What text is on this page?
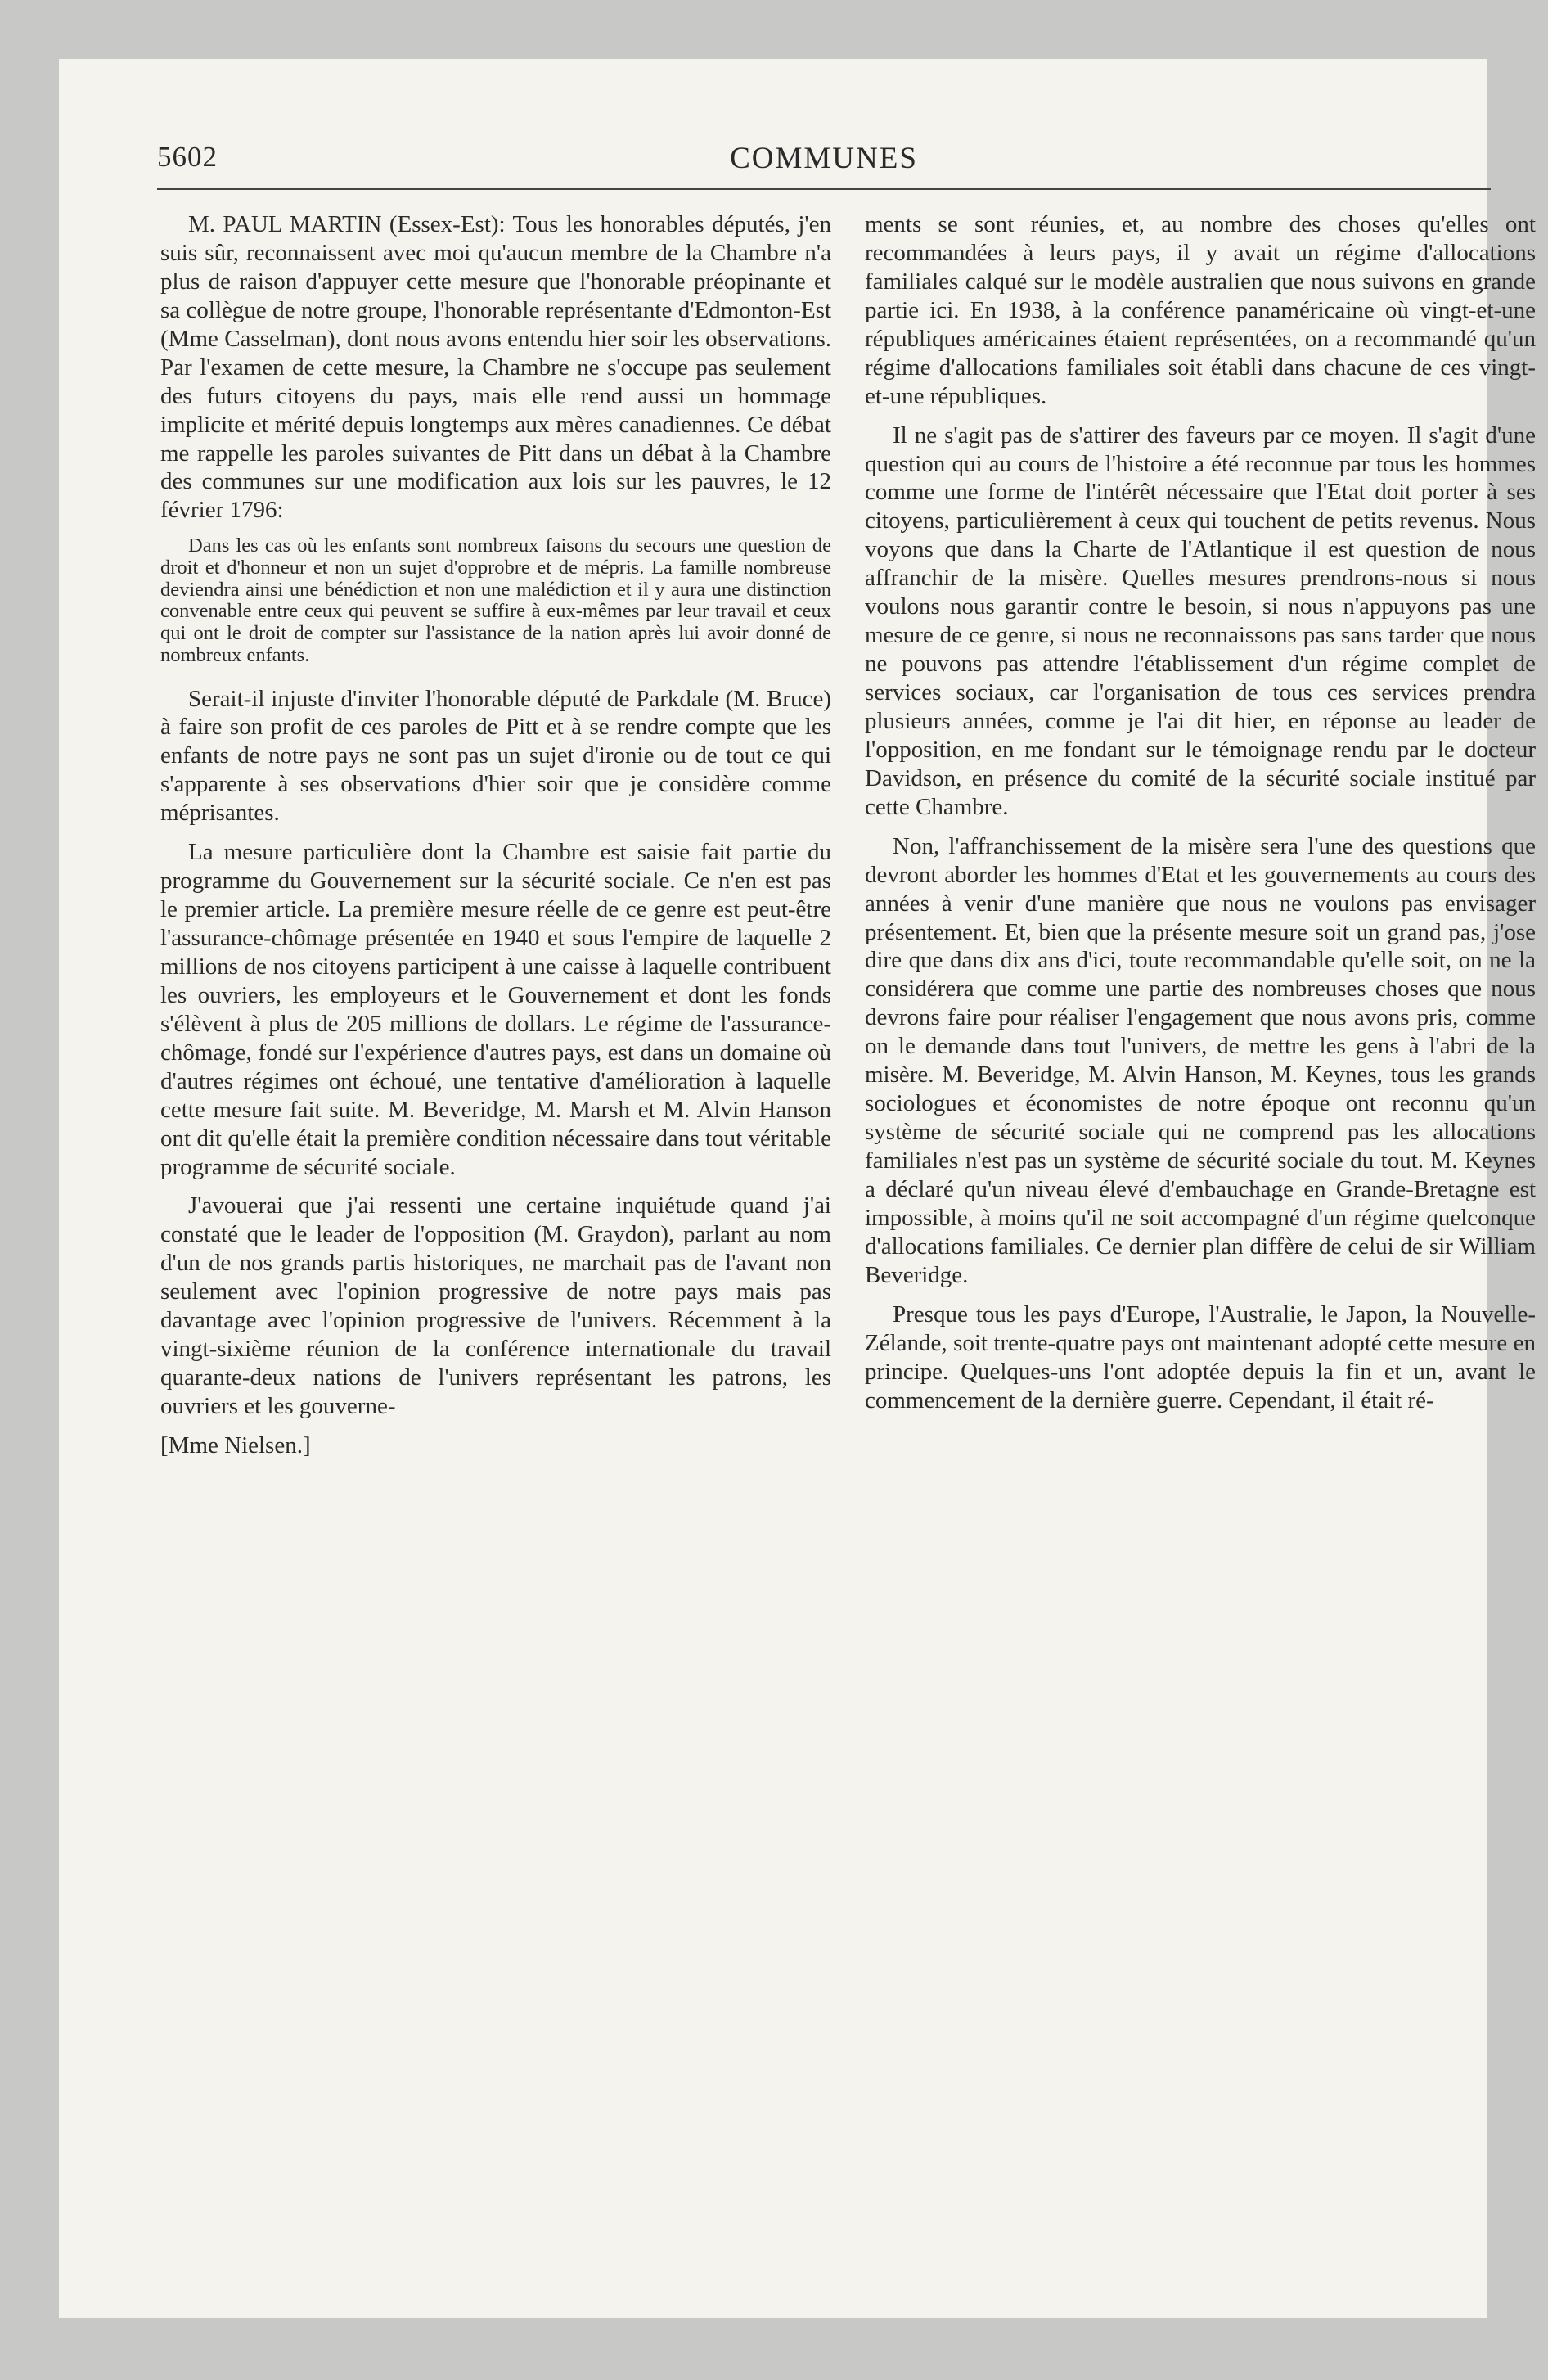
5602	COMMUNES

M. PAUL MARTIN (Essex-Est): Tous les honorables députés, j'en suis sûr, reconnaissent avec moi qu'aucun membre de la Chambre n'a plus de raison d'appuyer cette mesure que l'honorable préopinante et sa collègue de notre groupe, l'honorable représentante d'Edmonton-Est (Mme Casselman), dont nous avons entendu hier soir les observations. Par l'examen de cette mesure, la Chambre ne s'occupe pas seulement des futurs citoyens du pays, mais elle rend aussi un hommage implicite et mérité depuis longtemps aux mères canadiennes. Ce débat me rappelle les paroles suivantes de Pitt dans un débat à la Chambre des communes sur une modification aux lois sur les pauvres, le 12 février 1796:

Dans les cas où les enfants sont nombreux faisons du secours une question de droit et d'honneur et non un sujet d'opprobre et de mépris. La famille nombreuse deviendra ainsi une bénédiction et non une malédiction et il y aura une distinction convenable entre ceux qui peuvent se suffire à eux-mêmes par leur travail et ceux qui ont le droit de compter sur l'assistance de la nation après lui avoir donné de nombreux enfants.

Serait-il injuste d'inviter l'honorable député de Parkdale (M. Bruce) à faire son profit de ces paroles de Pitt et à se rendre compte que les enfants de notre pays ne sont pas un sujet d'ironie ou de tout ce qui s'apparente à ses observations d'hier soir que je considère comme méprisantes.

La mesure particulière dont la Chambre est saisie fait partie du programme du Gouvernement sur la sécurité sociale. Ce n'en est pas le premier article. La première mesure réelle de ce genre est peut-être l'assurance-chômage présentée en 1940 et sous l'empire de laquelle 2 millions de nos citoyens participent à une caisse à laquelle contribuent les ouvriers, les employeurs et le Gouvernement et dont les fonds s'élèvent à plus de 205 millions de dollars. Le régime de l'assurance-chômage, fondé sur l'expérience d'autres pays, est dans un domaine où d'autres régimes ont échoué, une tentative d'amélioration à laquelle cette mesure fait suite. M. Beveridge, M. Marsh et M. Alvin Hanson ont dit qu'elle était la première condition nécessaire dans tout véritable programme de sécurité sociale.

J'avouerai que j'ai ressenti une certaine inquiétude quand j'ai constaté que le leader de l'opposition (M. Graydon), parlant au nom d'un de nos grands partis historiques, ne marchait pas de l'avant non seulement avec l'opinion progressive de notre pays mais pas davantage avec l'opinion progressive de l'univers. Récemment à la vingt-sixième réunion de la conférence internationale du travail quarante-deux nations de l'univers représentant les patrons, les ouvriers et les gouverne-

[Mme Nielsen.]

ments se sont réunies, et, au nombre des choses qu'elles ont recommandées à leurs pays, il y avait un régime d'allocations familiales calqué sur le modèle australien que nous suivons en grande partie ici. En 1938, à la conférence panaméricaine où vingt-et-une républiques américaines étaient représentées, on a recommandé qu'un régime d'allocations familiales soit établi dans chacune de ces vingt-et-une républiques.

Il ne s'agit pas de s'attirer des faveurs par ce moyen. Il s'agit d'une question qui au cours de l'histoire a été reconnue par tous les hommes comme une forme de l'intérêt nécessaire que l'Etat doit porter à ses citoyens, particulièrement à ceux qui touchent de petits revenus. Nous voyons que dans la Charte de l'Atlantique il est question de nous affranchir de la misère. Quelles mesures prendrons-nous si nous voulons nous garantir contre le besoin, si nous n'appuyons pas une mesure de ce genre, si nous ne reconnaissons pas sans tarder que nous ne pouvons pas attendre l'établissement d'un régime complet de services sociaux, car l'organisation de tous ces services prendra plusieurs années, comme je l'ai dit hier, en réponse au leader de l'opposition, en me fondant sur le témoignage rendu par le docteur Davidson, en présence du comité de la sécurité sociale institué par cette Chambre.

Non, l'affranchissement de la misère sera l'une des questions que devront aborder les hommes d'Etat et les gouvernements au cours des années à venir d'une manière que nous ne voulons pas envisager présentement. Et, bien que la présente mesure soit un grand pas, j'ose dire que dans dix ans d'ici, toute recommandable qu'elle soit, on ne la considérera que comme une partie des nombreuses choses que nous devrons faire pour réaliser l'engagement que nous avons pris, comme on le demande dans tout l'univers, de mettre les gens à l'abri de la misère. M. Beveridge, M. Alvin Hanson, M. Keynes, tous les grands sociologues et économistes de notre époque ont reconnu qu'un système de sécurité sociale qui ne comprend pas les allocations familiales n'est pas un système de sécurité sociale du tout. M. Keynes a déclaré qu'un niveau élevé d'embauchage en Grande-Bretagne est impossible, à moins qu'il ne soit accompagné d'un régime quelconque d'allocations familiales. Ce dernier plan diffère de celui de sir William Beveridge.

Presque tous les pays d'Europe, l'Australie, le Japon, la Nouvelle-Zélande, soit trente-quatre pays ont maintenant adopté cette mesure en principe. Quelques-uns l'ont adoptée depuis la fin et un, avant le commencement de la dernière guerre. Cependant, il était ré-
